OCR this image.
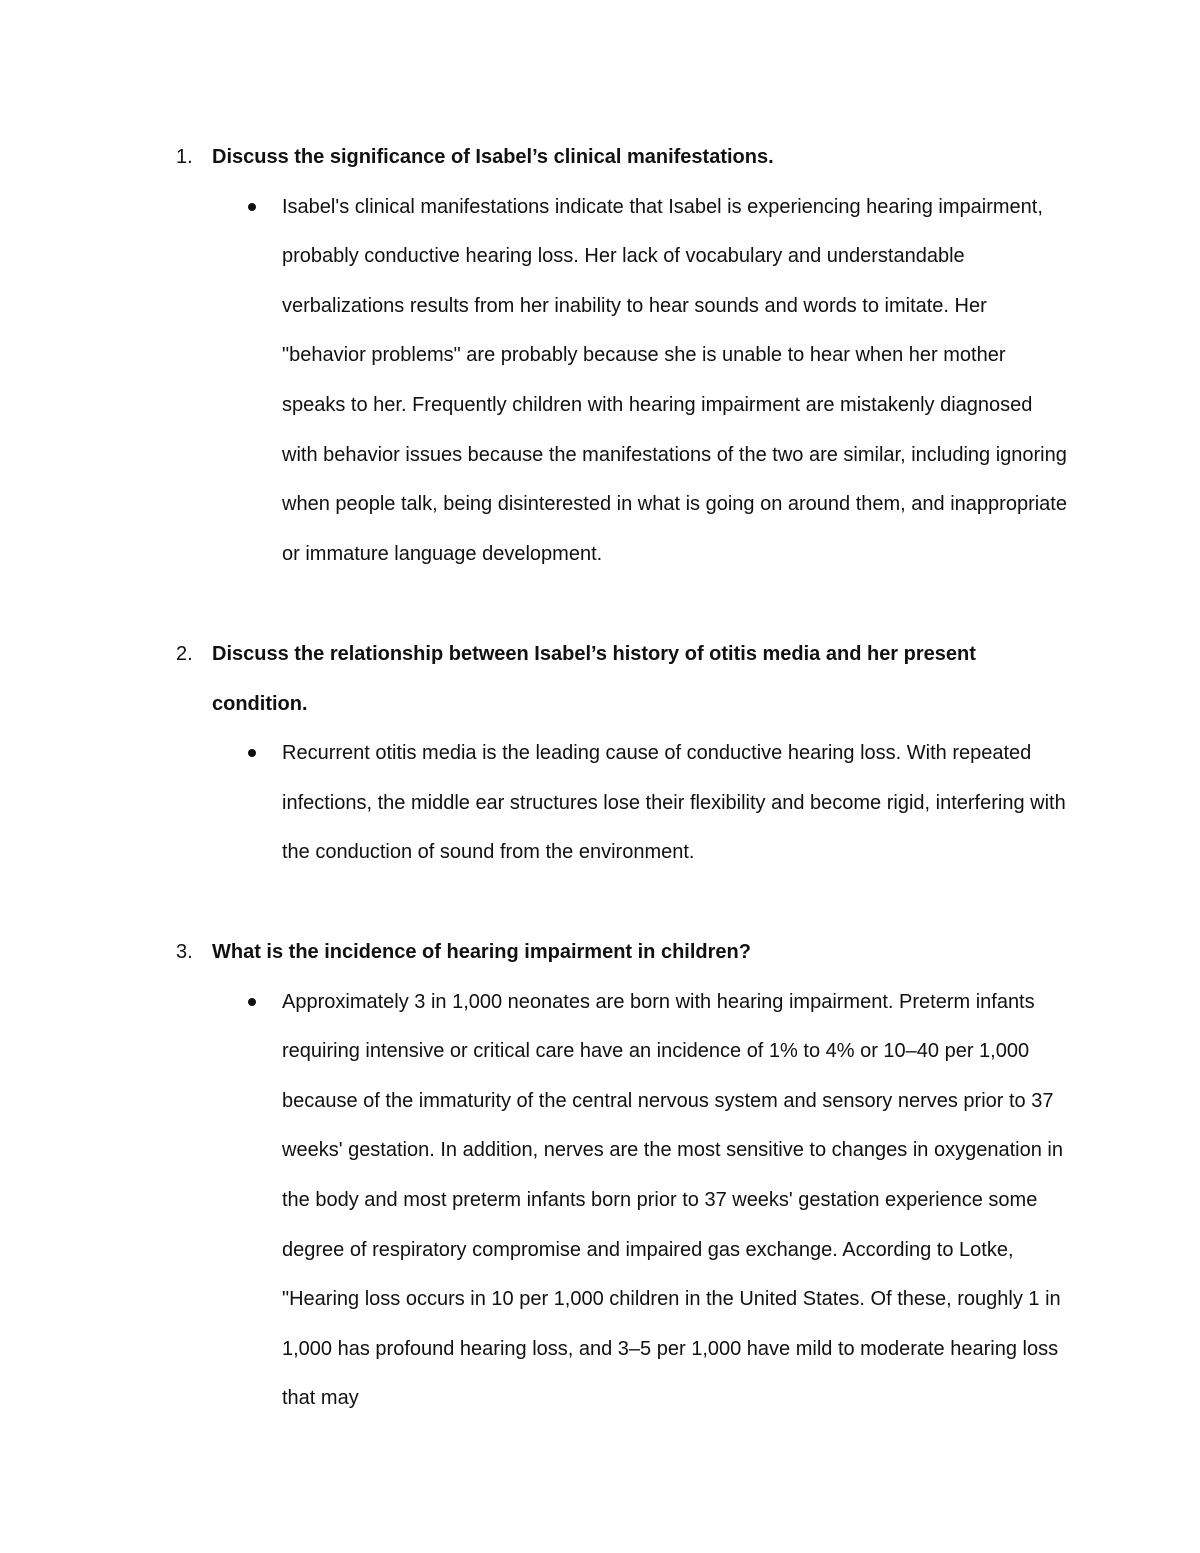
1. Discuss the significance of Isabel’s clinical manifestations.
Isabel's clinical manifestations indicate that Isabel is experiencing hearing impairment, probably conductive hearing loss. Her lack of vocabulary and understandable verbalizations results from her inability to hear sounds and words to imitate. Her "behavior problems" are probably because she is unable to hear when her mother speaks to her. Frequently children with hearing impairment are mistakenly diagnosed with behavior issues because the manifestations of the two are similar, including ignoring when people talk, being disinterested in what is going on around them, and inappropriate or immature language development.
2. Discuss the relationship between Isabel’s history of otitis media and her present condition.
Recurrent otitis media is the leading cause of conductive hearing loss. With repeated infections, the middle ear structures lose their flexibility and become rigid, interfering with the conduction of sound from the environment.
3. What is the incidence of hearing impairment in children?
Approximately 3 in 1,000 neonates are born with hearing impairment. Preterm infants requiring intensive or critical care have an incidence of 1% to 4% or 10–40 per 1,000 because of the immaturity of the central nervous system and sensory nerves prior to 37 weeks' gestation. In addition, nerves are the most sensitive to changes in oxygenation in the body and most preterm infants born prior to 37 weeks' gestation experience some degree of respiratory compromise and impaired gas exchange. According to Lotke, "Hearing loss occurs in 10 per 1,000 children in the United States. Of these, roughly 1 in 1,000 has profound hearing loss, and 3–5 per 1,000 have mild to moderate hearing loss that may
